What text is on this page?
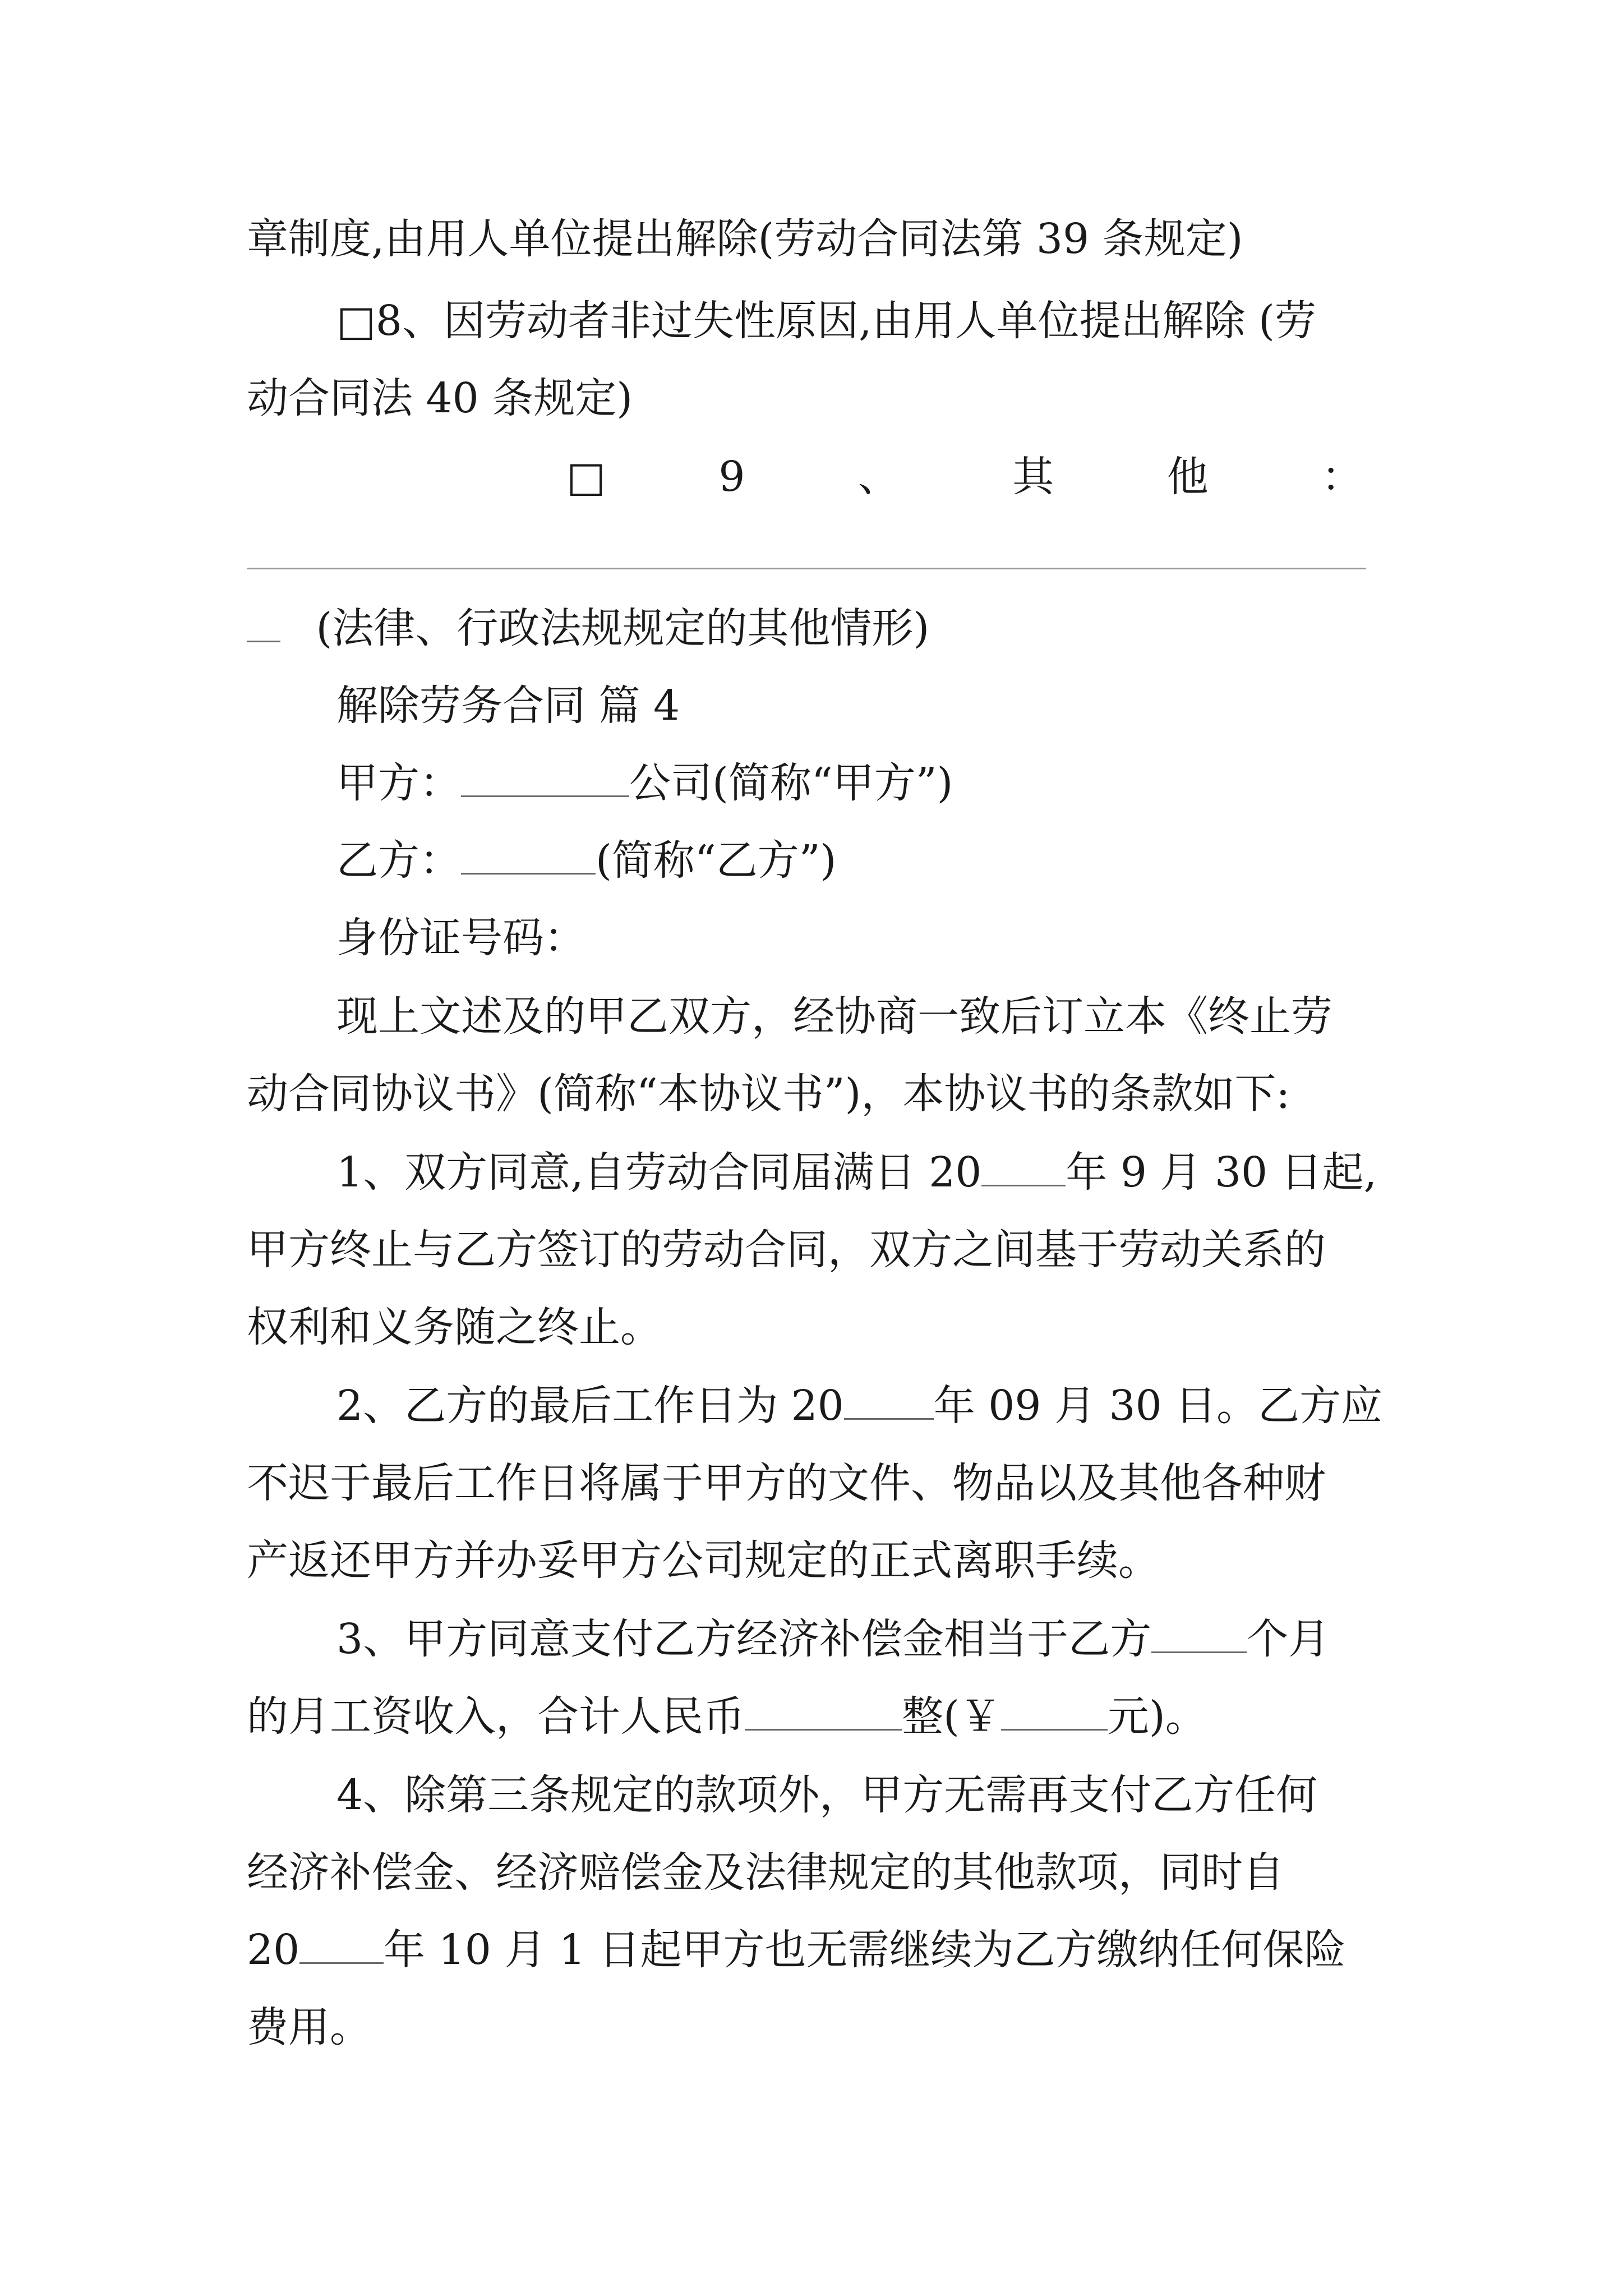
章制度,由用人单位提出解除(劳动合同法第 39 条规定)
□8、因劳动者非过失性原因,由用人单位提出解除 (劳
动合同法 40 条规定)
□	9	、	其	他	：
(法律、行政法规规定的其他情形)
解除劳务合同 篇 4
甲方：	公司(简称“甲方”)
乙方：	(简称“乙方”)
身份证号码：
现上文述及的甲乙双方，经协商一致后订立本《终止劳
动合同协议书》(简称“本协议书”)，本协议书的条款如下:
1、双方同意,自劳动合同届满日 20 年 9 月 30 日起,
甲方终止与乙方签订的劳动合同，双方之间基于劳动关系的
权利和义务随之终止。
2、乙方的最后工作日为 20 年 09 月 30 日。乙方应
不迟于最后工作日将属于甲方的文件、物品以及其他各种财
产返还甲方并办妥甲方公司规定的正式离职手续。
3、甲方同意支付乙方经济补偿金相当于乙方 个月
的月工资收入，合计人民币	整(￥	元)。
4、除第三条规定的款项外，甲方无需再支付乙方任何
经济补偿金、经济赔偿金及法律规定的其他款项，同时自
20 年 10 月 1 日起甲方也无需继续为乙方缴纳任何保险
费用。
